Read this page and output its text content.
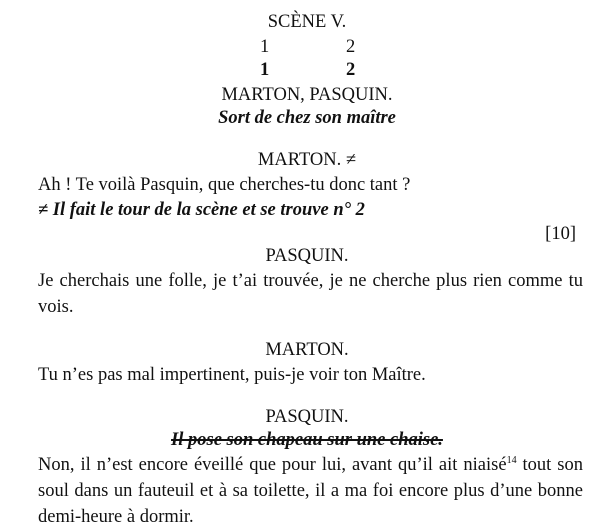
SCÈNE V.
1	2
1	2
MARTON, PASQUIN.
Sort de chez son maître
MARTON. ≠
Ah ! Te voilà Pasquin, que cherches-tu donc tant ?
≠ Il fait le tour de la scène et se trouve n° 2
[10]
PASQUIN.
Je cherchais une folle, je t’ai trouvée, je ne cherche plus rien comme tu vois.
MARTON.
Tu n’es pas mal impertinent, puis-je voir ton Maître.
PASQUIN.
Il pose son chapeau sur une chaise.
Non, il n’est encore éveillé que pour lui, avant qu’il ait niaisé$^{14}$ tout son soul dans un fauteuil et à sa toilette, il a ma foi encore plus d’une bonne demi-heure à dormir.
